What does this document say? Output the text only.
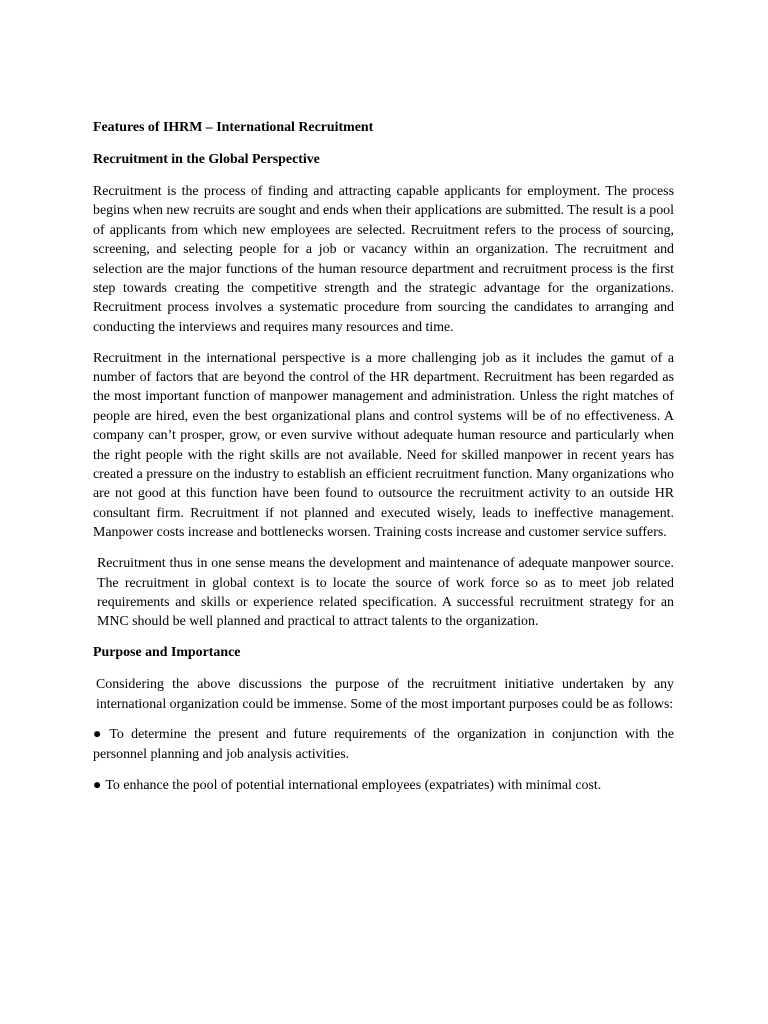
Features of IHRM – International Recruitment
Recruitment in the Global Perspective

Recruitment is the process of finding and attracting capable applicants for employment. The process begins when new recruits are sought and ends when their applications are submitted. The result is a pool of applicants from which new employees are selected. Recruitment refers to the process of sourcing, screening, and selecting people for a job or vacancy within an organization. The recruitment and selection are the major functions of the human resource department and recruitment process is the first step towards creating the competitive strength and the strategic advantage for the organizations. Recruitment process involves a systematic procedure from sourcing the candidates to arranging and conducting the interviews and requires many resources and time.

Recruitment in the international perspective is a more challenging job as it includes the gamut of a number of factors that are beyond the control of the HR department. Recruitment has been regarded as the most important function of manpower management and administration. Unless the right matches of people are hired, even the best organizational plans and control systems will be of no effectiveness. A company can’t prosper, grow, or even survive without adequate human resource and particularly when the right people with the right skills are not available. Need for skilled manpower in recent years has created a pressure on the industry to establish an efficient recruitment function. Many organizations who are not good at this function have been found to outsource the recruitment activity to an outside HR consultant firm. Recruitment if not planned and executed wisely, leads to ineffective management. Manpower costs increase and bottlenecks worsen. Training costs increase and customer service suffers.

Recruitment thus in one sense means the development and maintenance of adequate manpower source. The recruitment in global context is to locate the source of work force so as to meet job related requirements and skills or experience related specification. A successful recruitment strategy for an MNC should be well planned and practical to attract talents to the organization.

Purpose and Importance

Considering the above discussions the purpose of the recruitment initiative undertaken by any international organization could be immense. Some of the most important purposes could be as follows:

● To determine the present and future requirements of the organization in conjunction with the personnel planning and job analysis activities.

● To enhance the pool of potential international employees (expatriates) with minimal cost.
